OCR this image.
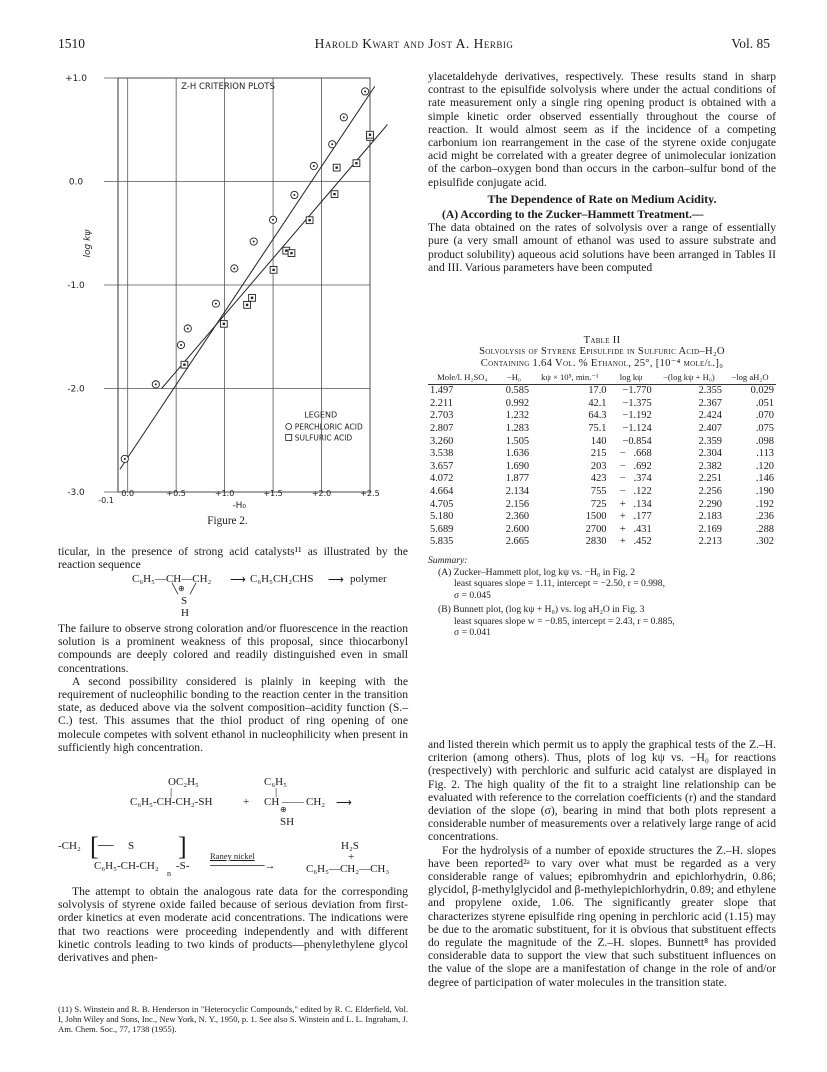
1510	Harold Kwart and Jost A. Herbig	Vol. 85
+1.0
0.0
-1.0
-2.0
-3.0
-0.1
0.0	+0.5	+1.0	+1.5	+2.0	+2.5
log kψ
-H₀
Z-H CRITERION PLOTS
LEGEND
PERCHLORIC ACID
SULFURIC ACID
Figure 2.

ticular, in the presence of strong acid catalysts¹¹ as illustrated by the reaction sequence

C₆H₅—CH—CH₂ ⟶ C₆H₅CH₂CHS ⟶ polymer
╲ ⊕ ╱
S
H

The failure to observe strong coloration and/or fluorescence in the reaction solution is a prominent weakness of this proposal, since thiocarbonyl compounds are deeply colored and readily distinguished even in small concentrations.

A second possibility considered is plainly in keeping with the requirement of nucleophilic bonding to the reaction center in the transition state, as deduced above via the solvent composition–acidity function (S.–C.) test. This assumes that the thiol product of ring opening of one molecule competes with solvent ethanol in nucleophilicity when present in sufficiently high concentration.

OC₂H₅	C₆H₅
|	|
C₆H₅-CH-CH₂-SH	+ CH —— CH₂ ⟶
⊕
SH
-CH₂ [ ── S
C₆H₅-CH-CH₂ -S-
n
]	Raney nickel
───────→
H₂S
+
C₆H₅—CH₂—CH₃

The attempt to obtain the analogous rate data for the corresponding solvolysis of styrene oxide failed because of serious deviation from first-order kinetics at even moderate acid concentrations. The indications were that two reactions were proceeding independently and with different kinetic controls leading to two kinds of products—phenylethylene glycol derivatives and phen-

(11) S. Winstein and R. B. Henderson in "Heterocyclic Compounds," edited by R. C. Elderfield, Vol. I, John Wiley and Sons, Inc., New York, N. Y., 1950, p. 1. See also S. Winstein and L. L. Ingraham, J. Am. Chem. Soc., 77, 1738 (1955).

ylacetaldehyde derivatives, respectively. These results stand in sharp contrast to the episulfide solvolysis where under the actual conditions of rate measurement only a single ring opening product is obtained with a simple kinetic order observed essentially throughout the course of reaction. It would almost seem as if the incidence of a competing carbonium ion rearrangement in the case of the styrene oxide conjugate acid might be correlated with a greater degree of unimolecular ionization of the carbon–oxygen bond than occurs in the carbon–sulfur bond of the episulfide conjugate acid.

The Dependence of Rate on Medium Acidity.

(A) According to the Zucker–Hammett Treatment.—

The data obtained on the rates of solvolysis over a range of essentially pure (a very small amount of ethanol was used to assure substrate and product solubility) aqueous acid solutions have been arranged in Tables II and III. Various parameters have been computed

Table II
Solvolysis of Styrene Episulfide in Sulfuric Acid–H₂O
Containing 1.64 Vol. % Ethanol, 25°, [10⁻⁴ mole/l.]₀
Mole/l. H₂SO₄	−H₀	kψ × 10⁵, min.⁻¹	log kψ	−(log kψ + H₀)	−log aH₂O
1.497	0.585	17.0	−1.770	2.355	0.029
2.211	0.992	42.1	−1.375	2.367	.051
2.703	1.232	64.3	−1.192	2.424	.070
2.807	1.283	75.1	−1.124	2.407	.075
3.260	1.505	140	−0.854	2.359	.098
3.538	1.636	215	−   .668	2.304	.113
3.657	1.690	203	−   .692	2.382	.120
4.072	1.877	423	−   .374	2.251	.146
4.664	2.134	755	−   .122	2.256	.190
4.705	2.156	725	+   .134	2.290	.192
5.180	2.360	1500	+   .177	2.183	.236
5.689	2.600	2700	+   .431	2.169	.288
5.835	2.665	2830	+   .452	2.213	.302
Summary:
(A) Zucker–Hammett plot, log kψ vs. −H₀ in Fig. 2
least squares slope = 1.11, intercept = −2.50, r = 0.998,
σ = 0.045
(B) Bunnett plot, (log kψ + H₀) vs. log aH₂O in Fig. 3
least squares slope w = −0.85, intercept = 2.43, r = 0.885,
σ = 0.041

and listed therein which permit us to apply the graphical tests of the Z.–H. criterion (among others). Thus, plots of log kψ vs. −H₀ for reactions (respectively) with perchloric and sulfuric acid catalyst are displayed in Fig. 2. The high quality of the fit to a straight line relationship can be evaluated with reference to the correlation coefficients (r) and the standard deviation of the slope (σ), bearing in mind that both plots represent a considerable number of measurements over a relatively large range of acid concentrations.

For the hydrolysis of a number of epoxide structures the Z.–H. slopes have been reported²ᵃ to vary over what must be regarded as a very considerable range of values; epibromhydrin and epichlorhydrin, 0.86; glycidol, β-methylglycidol and β-methylepichlorhydrin, 0.89; and ethylene and propylene oxide, 1.06. The significantly greater slope that characterizes styrene episulfide ring opening in perchloric acid (1.15) may be due to the aromatic substituent, for it is obvious that substituent effects do regulate the magnitude of the Z.–H. slopes. Bunnett⁸ has provided considerable data to support the view that such substituent influences on the value of the slope are a manifestation of change in the role of and/or degree of participation of water molecules in the transition state.
